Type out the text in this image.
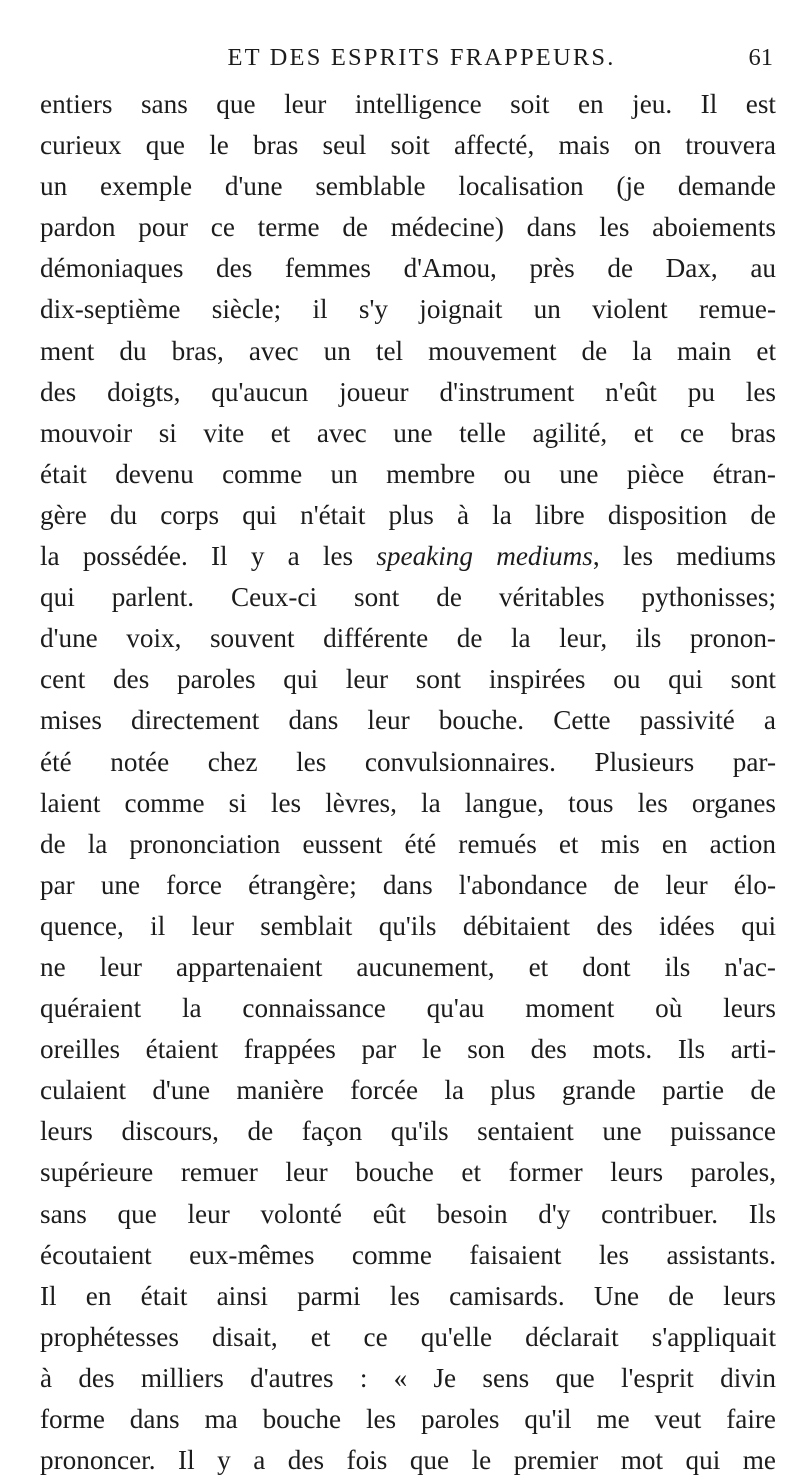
ET DES ESPRITS FRAPPEURS.	61
entiers sans que leur intelligence soit en jeu. Il est
curieux que le bras seul soit affecté, mais on trouvera
un exemple d'une semblable localisation (je demande
pardon pour ce terme de médecine) dans les aboiements
démoniaques des femmes d'Amou, près de Dax, au
dix-septième siècle; il s'y joignait un violent remue-
ment du bras, avec un tel mouvement de la main et
des doigts, qu'aucun joueur d'instrument n'eût pu les
mouvoir si vite et avec une telle agilité, et ce bras
était devenu comme un membre ou une pièce étran-
gère du corps qui n'était plus à la libre disposition de
la possédée. Il y a les speaking mediums, les mediums
qui parlent. Ceux-ci sont de véritables pythonisses;
d'une voix, souvent différente de la leur, ils pronon-
cent des paroles qui leur sont inspirées ou qui sont
mises directement dans leur bouche. Cette passivité a
été notée chez les convulsionnaires. Plusieurs par-
laient comme si les lèvres, la langue, tous les organes
de la prononciation eussent été remués et mis en action
par une force étrangère; dans l'abondance de leur élo-
quence, il leur semblait qu'ils débitaient des idées qui
ne leur appartenaient aucunement, et dont ils n'ac-
quéraient la connaissance qu'au moment où leurs
oreilles étaient frappées par le son des mots. Ils arti-
culaient d'une manière forcée la plus grande partie de
leurs discours, de façon qu'ils sentaient une puissance
supérieure remuer leur bouche et former leurs paroles,
sans que leur volonté eût besoin d'y contribuer. Ils
écoutaient eux-mêmes comme faisaient les assistants.
Il en était ainsi parmi les camisards. Une de leurs
prophétesses disait, et ce qu'elle déclarait s'appliquait
à des milliers d'autres : « Je sens que l'esprit divin
forme dans ma bouche les paroles qu'il me veut faire
prononcer. Il y a des fois que le premier mot qui me
